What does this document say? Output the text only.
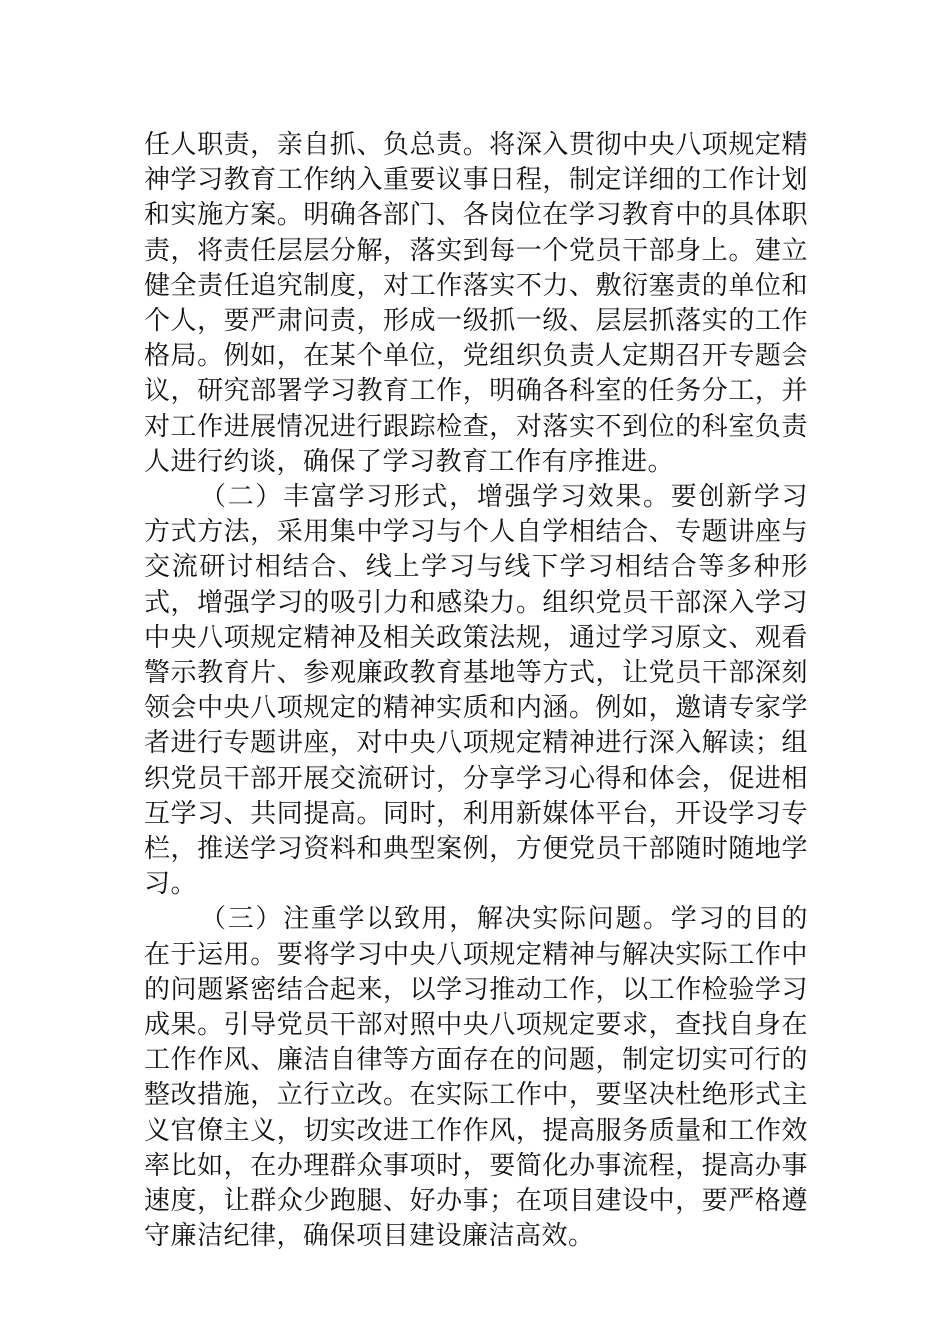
任人职责，亲自抓、负总责。将深入贯彻中央八项规定精神学习教育工作纳入重要议事日程，制定详细的工作计划和实施方案。明确各部门、各岗位在学习教育中的具体职责，将责任层层分解，落实到每一个党员干部身上。建立健全责任追究制度，对工作落实不力、敷衍塞责的单位和个人，要严肃问责，形成一级抓一级、层层抓落实的工作格局。例如，在某个单位，党组织负责人定期召开专题会议，研究部署学习教育工作，明确各科室的任务分工，并对工作进展情况进行跟踪检查，对落实不到位的科室负责人进行约谈，确保了学习教育工作有序推进。

（二）丰富学习形式，增强学习效果。要创新学习方式方法，采用集中学习与个人自学相结合、专题讲座与交流研讨相结合、线上学习与线下学习相结合等多种形式，增强学习的吸引力和感染力。组织党员干部深入学习中央八项规定精神及相关政策法规，通过学习原文、观看警示教育片、参观廉政教育基地等方式，让党员干部深刻领会中央八项规定的精神实质和内涵。例如，邀请专家学者进行专题讲座，对中央八项规定精神进行深入解读；组织党员干部开展交流研讨，分享学习心得和体会，促进相互学习、共同提高。同时，利用新媒体平台，开设学习专栏，推送学习资料和典型案例，方便党员干部随时随地学习。

（三）注重学以致用，解决实际问题。学习的目的在于运用。要将学习中央八项规定精神与解决实际工作中的问题紧密结合起来，以学习推动工作，以工作检验学习成果。引导党员干部对照中央八项规定要求，查找自身在工作作风、廉洁自律等方面存在的问题，制定切实可行的整改措施，立行立改。在实际工作中，要坚决杜绝形式主义官僚主义，切实改进工作作风，提高服务质量和工作效率比如，在办理群众事项时，要简化办事流程，提高办事速度，让群众少跑腿、好办事；在项目建设中，要严格遵守廉洁纪律，确保项目建设廉洁高效。
